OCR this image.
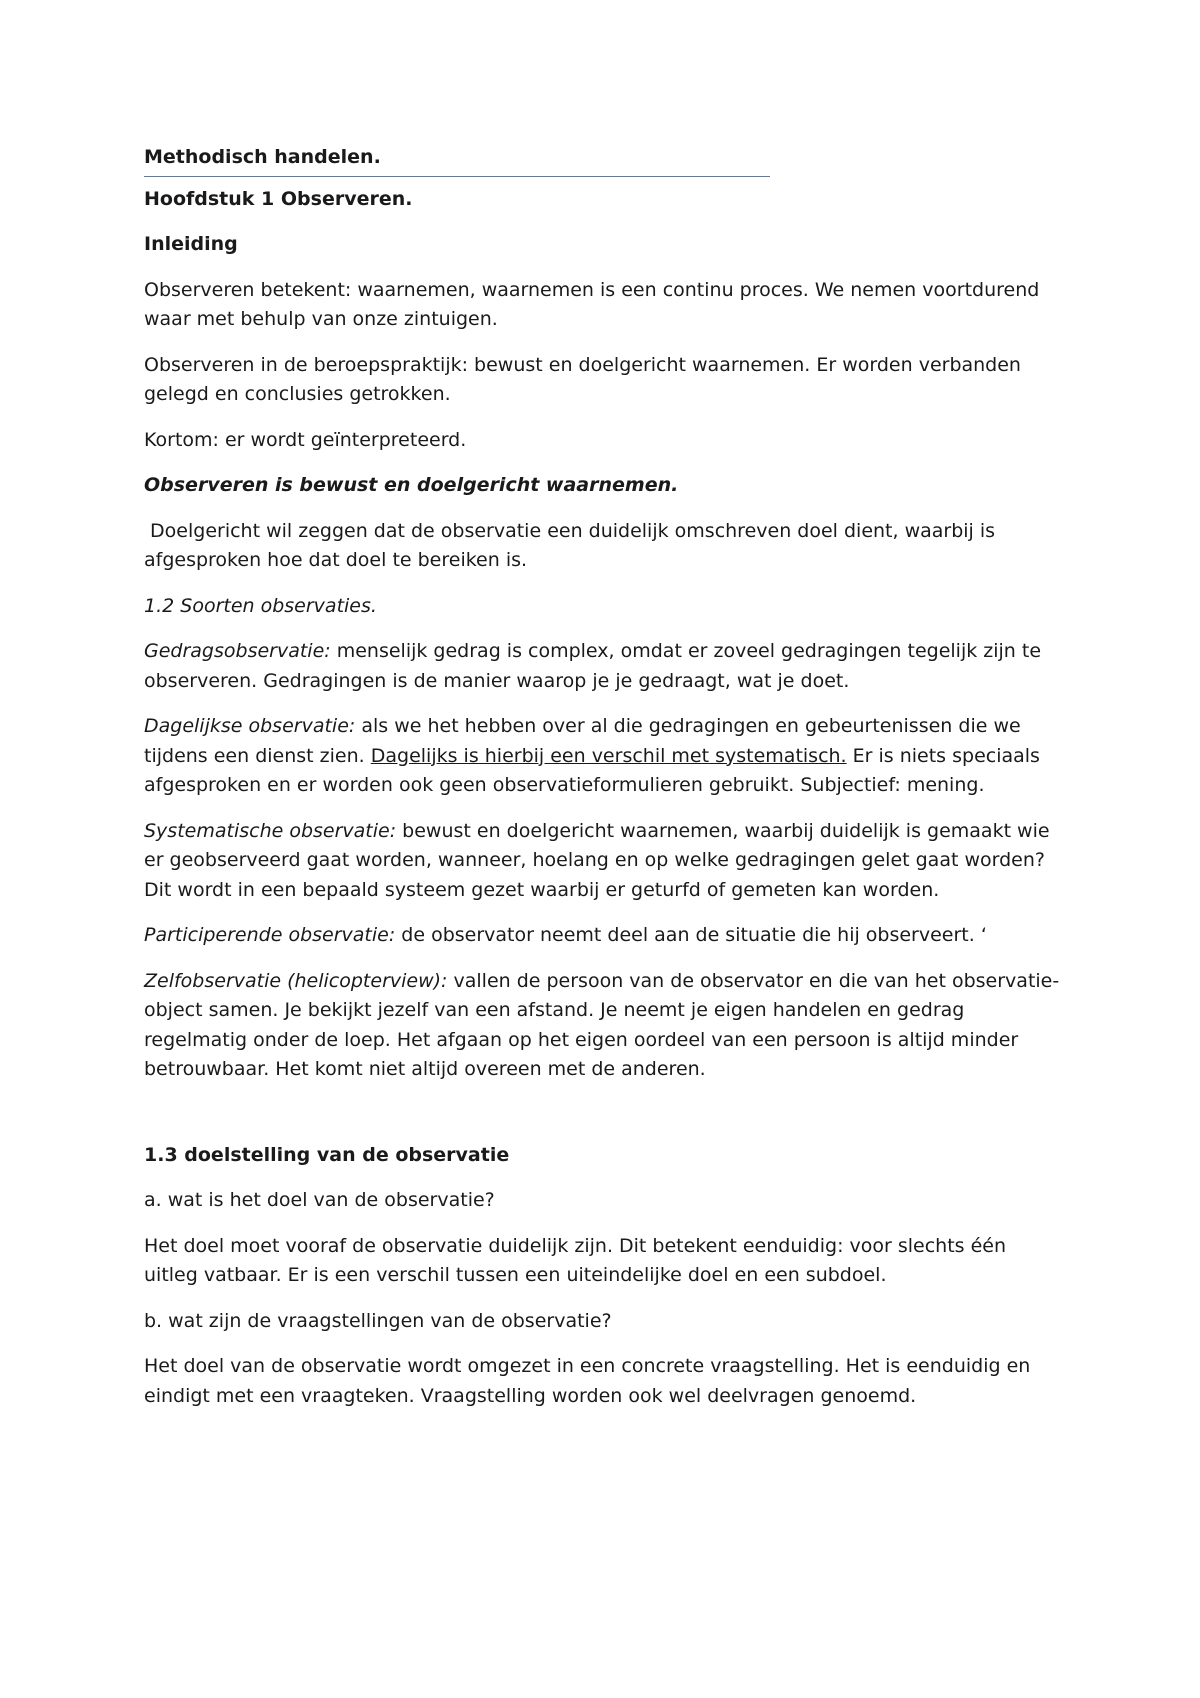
Methodisch handelen.

Hoofdstuk 1 Observeren.

Inleiding

Observeren betekent: waarnemen, waarnemen is een continu proces. We nemen voortdurend waar met behulp van onze zintuigen.

Observeren in de beroepspraktijk: bewust en doelgericht waarnemen. Er worden verbanden gelegd en conclusies getrokken.

Kortom: er wordt geïnterpreteerd.

Observeren is bewust en doelgericht waarnemen.

Doelgericht wil zeggen dat de observatie een duidelijk omschreven doel dient, waarbij is afgesproken hoe dat doel te bereiken is.

1.2 Soorten observaties.

Gedragsobservatie: menselijk gedrag is complex, omdat er zoveel gedragingen tegelijk zijn te observeren. Gedragingen is de manier waarop je je gedraagt, wat je doet.

Dagelijkse observatie: als we het hebben over al die gedragingen en gebeurtenissen die we tijdens een dienst zien. Dagelijks is hierbij een verschil met systematisch. Er is niets speciaals afgesproken en er worden ook geen observatieformulieren gebruikt. Subjectief: mening.

Systematische observatie: bewust en doelgericht waarnemen, waarbij duidelijk is gemaakt wie er geobserveerd gaat worden, wanneer, hoelang en op welke gedragingen gelet gaat worden? Dit wordt in een bepaald systeem gezet waarbij er geturfd of gemeten kan worden.

Participerende observatie: de observator neemt deel aan de situatie die hij observeert. ‘

Zelfobservatie (helicopterview): vallen de persoon van de observator en die van het observatie-object samen. Je bekijkt jezelf van een afstand. Je neemt je eigen handelen en gedrag regelmatig onder de loep. Het afgaan op het eigen oordeel van een persoon is altijd minder betrouwbaar. Het komt niet altijd overeen met de anderen.

1.3 doelstelling van de observatie

a. wat is het doel van de observatie?

Het doel moet vooraf de observatie duidelijk zijn. Dit betekent eenduidig: voor slechts één uitleg vatbaar. Er is een verschil tussen een uiteindelijke doel en een subdoel.

b. wat zijn de vraagstellingen van de observatie?

Het doel van de observatie wordt omgezet in een concrete vraagstelling. Het is eenduidig en eindigt met een vraagteken. Vraagstelling worden ook wel deelvragen genoemd.
